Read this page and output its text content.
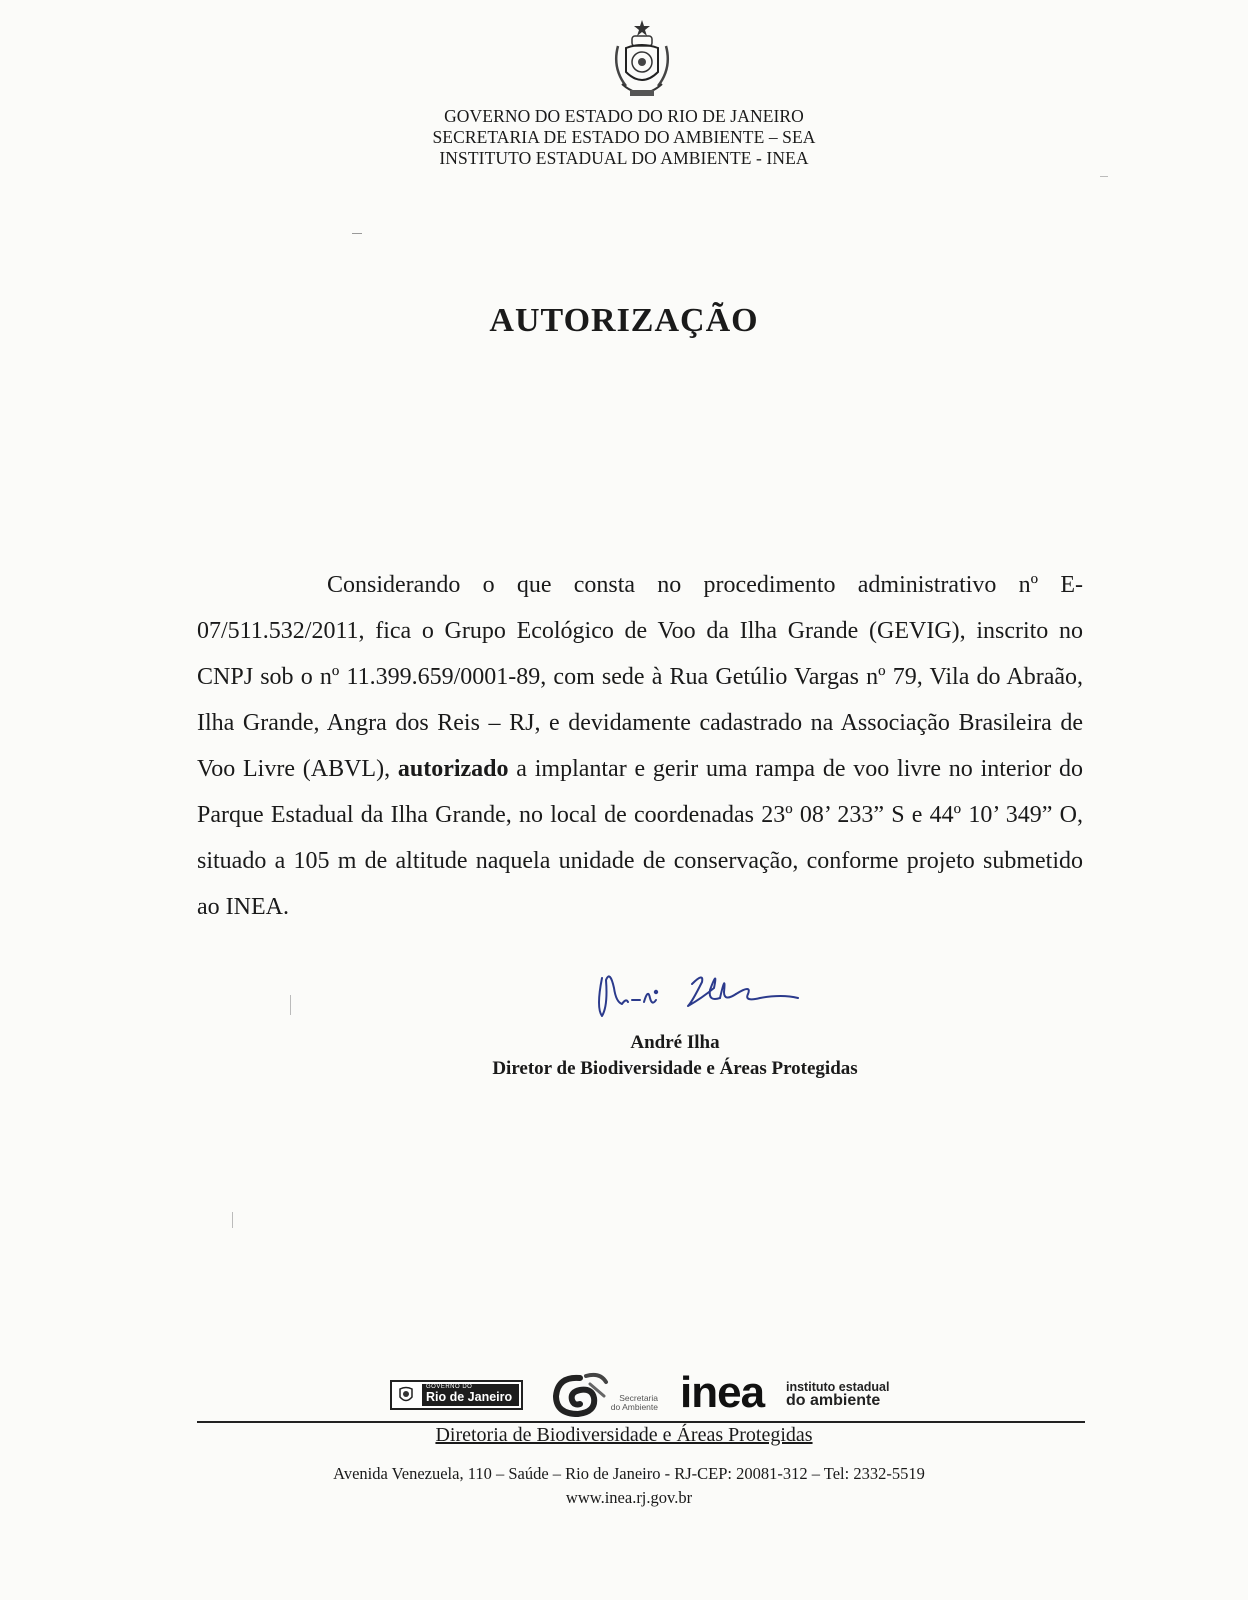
GOVERNO DO ESTADO DO RIO DE JANEIRO
SECRETARIA DE ESTADO DO AMBIENTE – SEA
INSTITUTO ESTADUAL DO AMBIENTE - INEA
AUTORIZAÇÃO

Considerando o que consta no procedimento administrativo nº E-07/511.532/2011, fica o Grupo Ecológico de Voo da Ilha Grande (GEVIG), inscrito no CNPJ sob o nº 11.399.659/0001-89, com sede à Rua Getúlio Vargas nº 79, Vila do Abraão, Ilha Grande, Angra dos Reis – RJ, e devidamente cadastrado na Associação Brasileira de Voo Livre (ABVL), autorizado a implantar e gerir uma rampa de voo livre no interior do Parque Estadual da Ilha Grande, no local de coordenadas 23º 08’ 233” S e 44º 10’ 349” O, situado a 105 m de altitude naquela unidade de conservação, conforme projeto submetido ao INEA.

André Ilha
Diretor de Biodiversidade e Áreas Protegidas
GOVERNO DO
Rio de Janeiro	Secretaria
do Ambiente inea instituto estadual
do ambiente
Diretoria de Biodiversidade e Áreas Protegidas
Avenida Venezuela, 110 – Saúde – Rio de Janeiro - RJ-CEP: 20081-312 – Tel: 2332-5519
www.inea.rj.gov.br
